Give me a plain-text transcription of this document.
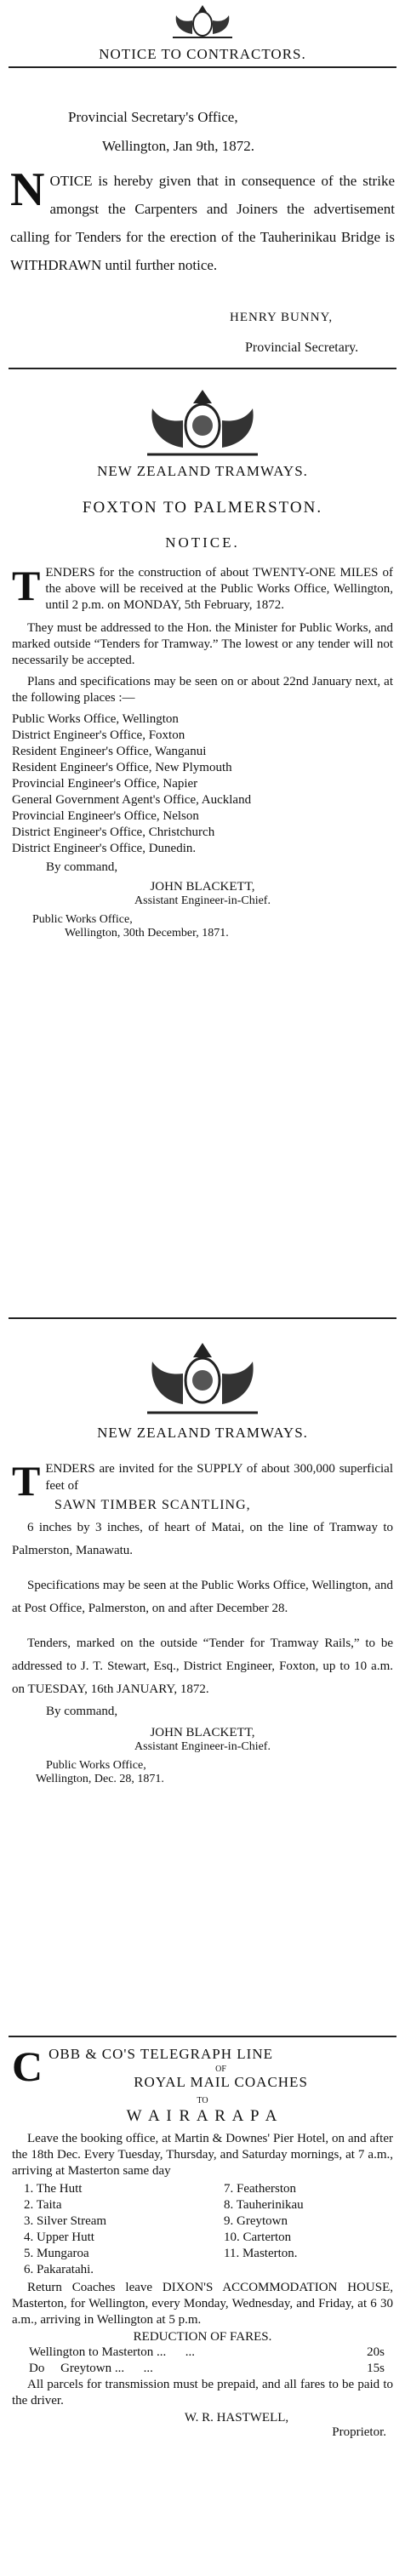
NOTICE TO CONTRACTORS.

Provincial Secretary's Office,
Wellington, Jan 9th, 1872.
NOTICE is hereby given that in consequence of the strike amongst the Carpenters and Joiners the advertisement calling for Tenders for the erection of the Tauherinikau Bridge is WITHDRAWN until further notice.
HENRY BUNNY,
Provincial Secretary.

NEW ZEALAND TRAMWAYS.

FOXTON TO PALMERSTON.

NOTICE.

TENDERS for the construction of about TWENTY-ONE MILES of the above will be received at the Public Works Office, Wellington, until 2 p.m. on MONDAY, 5th February, 1872.

They must be addressed to the Hon. the Minister for Public Works, and marked outside “Tenders for Tramway.” The lowest or any tender will not necessarily be accepted.

Plans and specifications may be seen on or about 22nd January next, at the following places :—

Public Works Office, Wellington

District Engineer's Office, Foxton

Resident Engineer's Office, Wanganui

Resident Engineer's Office, New Plymouth

Provincial Engineer's Office, Napier

General Government Agent's Office, Auckland

Provincial Engineer's Office, Nelson

District Engineer's Office, Christchurch

District Engineer's Office, Dunedin.

By command,

JOHN BLACKETT,

Assistant Engineer-in-Chief.

Public Works Office,

Wellington, 30th December, 1871.

NEW ZEALAND TRAMWAYS.

TENDERS are invited for the SUPPLY of about 300,000 superficial feet of

SAWN TIMBER SCANTLING,

6 inches by 3 inches, of heart of Matai, on the line of Tramway to Palmerston, Manawatu.

Specifications may be seen at the Public Works Office, Wellington, and at Post Office, Palmerston, on and after December 28.

Tenders, marked on the outside “Tender for Tramway Rails,” to be addressed to J. T. Stewart, Esq., District Engineer, Foxton, up to 10 a.m. on TUESDAY, 16th JANUARY, 1872.

By command,

JOHN BLACKETT,

Assistant Engineer-in-Chief.

Public Works Office,

Wellington, Dec. 28, 1871.

COBB & CO'S TELEGRAPH LINE

OF

ROYAL MAIL COACHES

TO

W A I R A R A P A

Leave the booking office, at Martin & Downes' Pier Hotel, on and after the 18th Dec. Every Tuesday, Thursday, and Saturday mornings, at 7 a.m., arriving at Masterton same day

1. The Hutt

2. Taita

3. Silver Stream

4. Upper Hutt

5. Mungaroa

6. Pakaratahi.

7. Featherston

8. Tauherinikau

9. Greytown

10. Carterton

11. Masterton.

Return Coaches leave DIXON'S ACCOMMODATION HOUSE, Masterton, for Wellington, every Monday, Wednesday, and Friday, at 6 30 a.m., arriving in Wellington at 5 p.m.

REDUCTION OF FARES.

Wellington to Masterton ...      ...	20s
Do     Greytown ...      ...	15s

All parcels for transmission must be prepaid, and all fares to be paid to the driver.

W. R. HASTWELL,

Proprietor.
